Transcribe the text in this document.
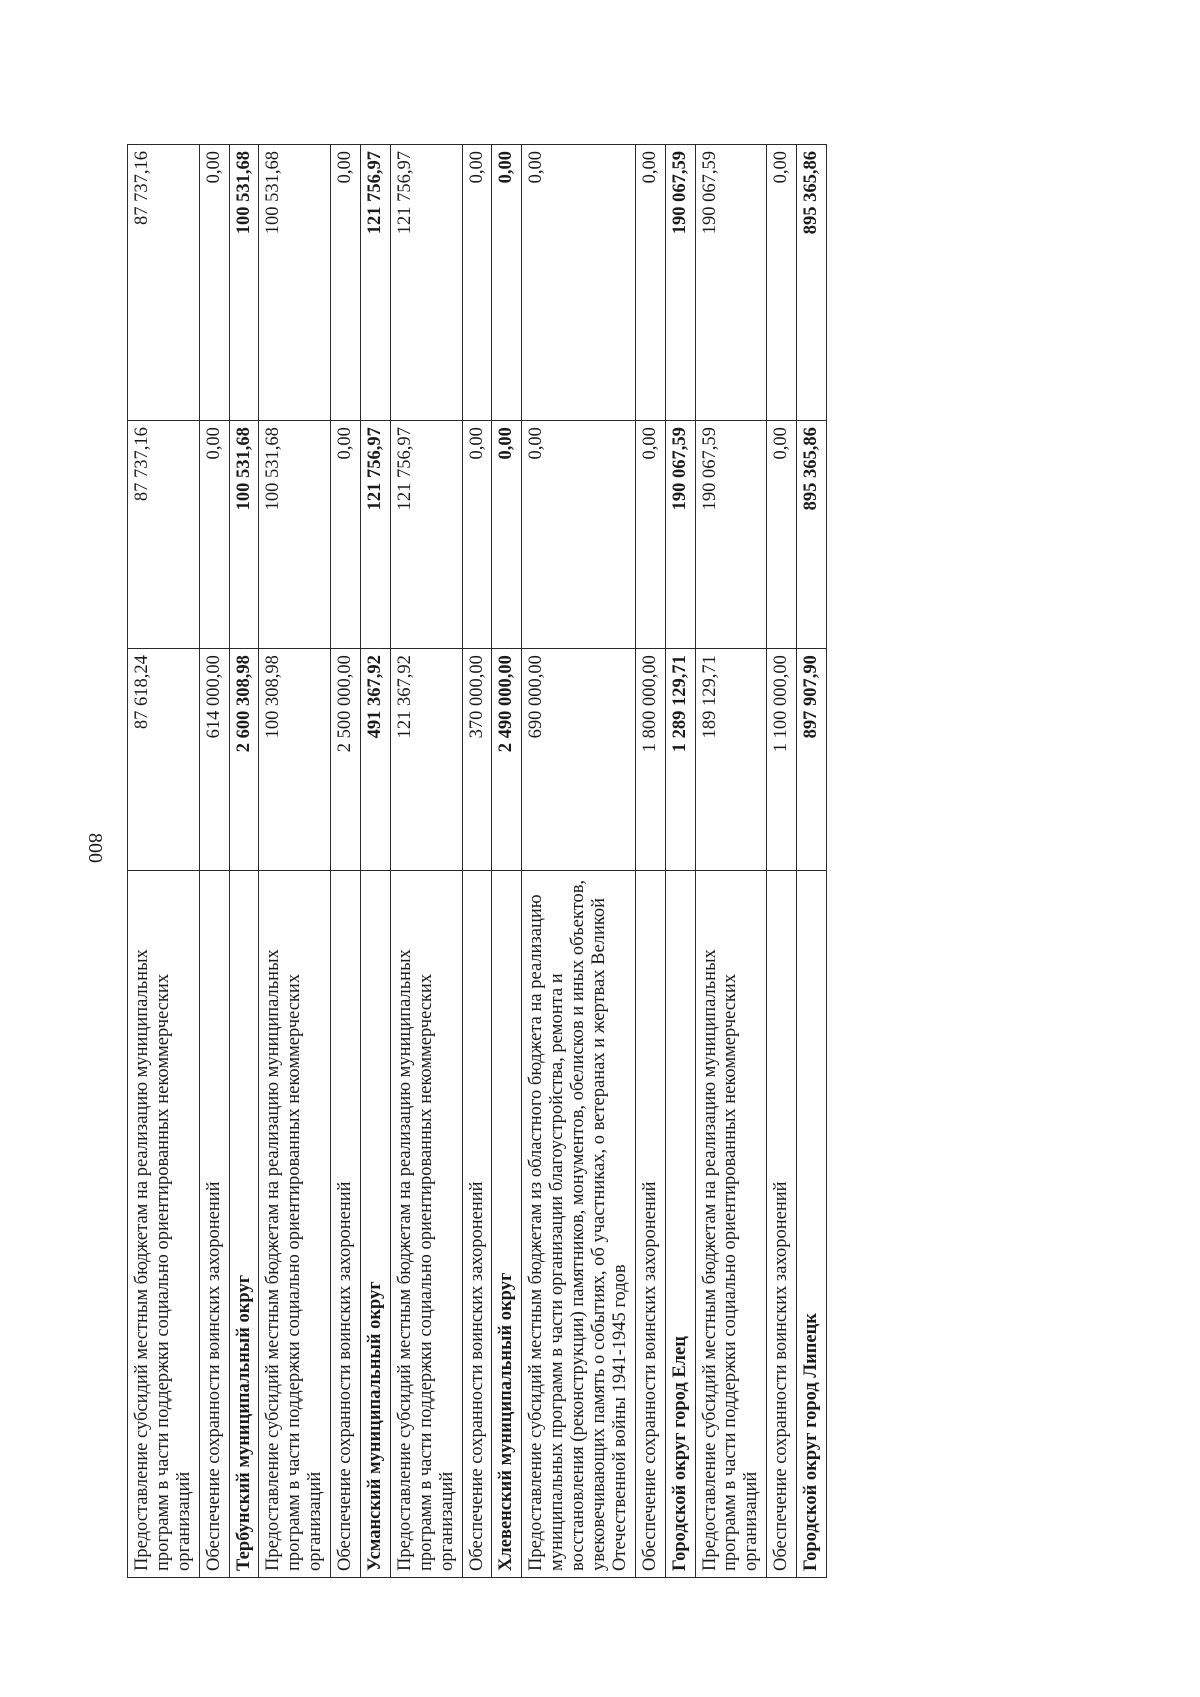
800
Предоставление субсидий местным бюджетам на реализацию муниципальных программ в части поддержки социально ориентированных некоммерческих организаций	87 618,24	87 737,16	87 737,16
Обеспечение сохранности воинских захоронений	614 000,00	0,00	0,00
Тербунский муниципальный округ	2 600 308,98	100 531,68	100 531,68
Предоставление субсидий местным бюджетам на реализацию муниципальных программ в части поддержки социально ориентированных некоммерческих организаций	100 308,98	100 531,68	100 531,68
Обеспечение сохранности воинских захоронений	2 500 000,00	0,00	0,00
Усманский муниципальный округ	491 367,92	121 756,97	121 756,97
Предоставление субсидий местным бюджетам на реализацию муниципальных программ в части поддержки социально ориентированных некоммерческих организаций	121 367,92	121 756,97	121 756,97
Обеспечение сохранности воинских захоронений	370 000,00	0,00	0,00
Хлевенский муниципальный округ	2 490 000,00	0,00	0,00
Предоставление субсидий местным бюджетам из областного бюджета на реализацию муниципальных программ в части организации благоустройства, ремонта и восстановления (реконструкции) памятников, монументов, обелисков и иных объектов, увековечивающих память о событиях, об участниках, о ветеранах и жертвах Великой Отечественной войны 1941-1945 годов	690 000,00	0,00	0,00
Обеспечение сохранности воинских захоронений	1 800 000,00	0,00	0,00
Городской округ город Елец	1 289 129,71	190 067,59	190 067,59
Предоставление субсидий местным бюджетам на реализацию муниципальных программ в части поддержки социально ориентированных некоммерческих организаций	189 129,71	190 067,59	190 067,59
Обеспечение сохранности воинских захоронений	1 100 000,00	0,00	0,00
Городской округ город Липецк	897 907,90	895 365,86	895 365,86
